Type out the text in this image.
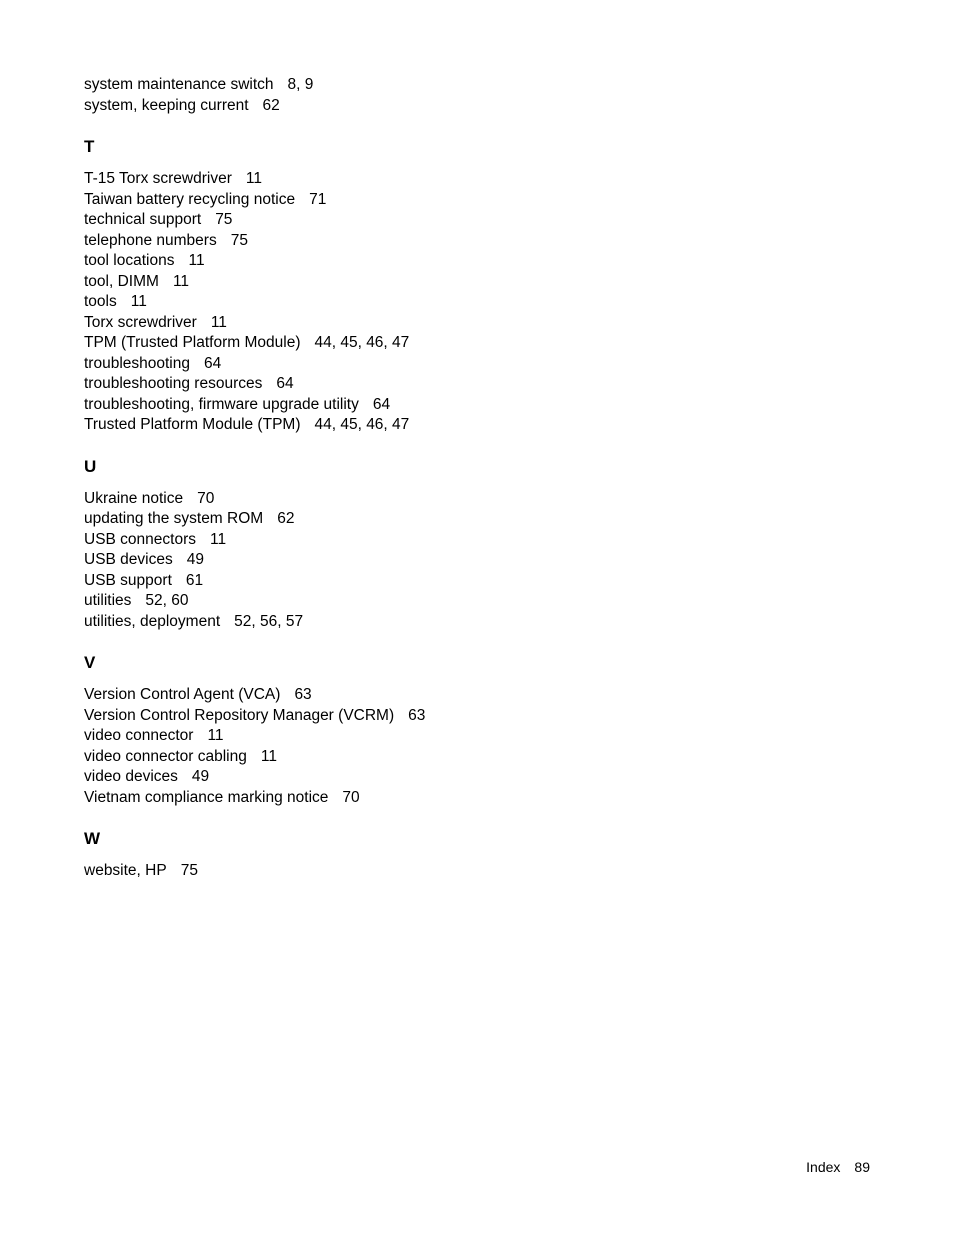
system maintenance switch 8, 9
system, keeping current 62
T
T-15 Torx screwdriver 11
Taiwan battery recycling notice 71
technical support 75
telephone numbers 75
tool locations 11
tool, DIMM 11
tools 11
Torx screwdriver 11
TPM (Trusted Platform Module) 44, 45, 46, 47
troubleshooting 64
troubleshooting resources 64
troubleshooting, firmware upgrade utility 64
Trusted Platform Module (TPM) 44, 45, 46, 47
U
Ukraine notice 70
updating the system ROM 62
USB connectors 11
USB devices 49
USB support 61
utilities 52, 60
utilities, deployment 52, 56, 57
V
Version Control Agent (VCA) 63
Version Control Repository Manager (VCRM) 63
video connector 11
video connector cabling 11
video devices 49
Vietnam compliance marking notice 70
W
website, HP 75
Index 89
